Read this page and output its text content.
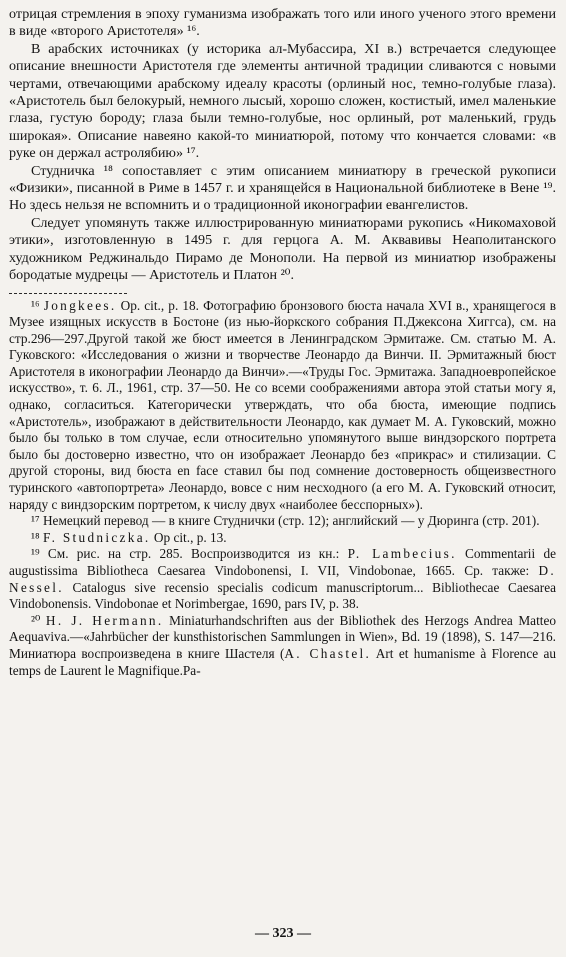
отрицая стремления в эпоху гуманизма изображать того или иного ученого этого времени в виде «второго Аристотеля» ¹⁶.

В арабских источниках (у историка ал-Мубассира, XI в.) встречается следующее описание внешности Аристотеля где элементы античной традиции сливаются с новыми чертами, отвечающими арабскому идеалу красоты (орлиный нос, темно-голубые глаза). «Аристотель был белокурый, немного лысый, хорошо сложен, костистый, имел маленькие глаза, густую бороду; глаза были темно-голубые, нос орлиный, рот маленький, грудь широкая». Описание навеяно какой-то миниатюрой, потому что кончается словами: «в руке он держал астролябию» ¹⁷.

Студничка ¹⁸ сопоставляет с этим описанием миниатюру в греческой рукописи «Физики», писанной в Риме в 1457 г. и хранящейся в Национальной библиотеке в Вене ¹⁹. Но здесь нельзя не вспомнить и о традиционной иконографии евангелистов.

Следует упомянуть также иллюстрированную миниатюрами рукопись «Никомаховой этики», изготовленную в 1495 г. для герцога А. М. Аквавивы Неаполитанского художником Реджинальдо Пирамо де Монополи. На первой из миниатюр изображены бородатые мудрецы — Аристотель и Платон ²⁰.

¹⁶ Jongkees. Op. cit., р. 18. Фотографию бронзового бюста начала XVI в., хранящегося в Музее изящных искусств в Бостоне (из нью-йоркского собрания П.Джексона Хиггса), см. на стр.296—297.Другой такой же бюст имеется в Ленинградском Эрмитаже. См. статью М. А. Гуковского: «Исследования о жизни и творчестве Леонардо да Винчи. II. Эрмитажный бюст Аристотеля в иконографии Леонардо да Винчи».—«Труды Гос. Эрмитажа. Западноевропейское искусство», т. 6. Л., 1961, стр. 37—50. Не со всеми соображениями автора этой статьи могу я, однако, согласиться. Категорически утверждать, что оба бюста, имеющие подпись «Аристотель», изображают в действительности Леонардо, как думает М. А. Гуковский, можно было бы только в том случае, если относительно упомянутого выше виндзорского портрета было бы достоверно известно, что он изображает Леонардо без «прикрас» и стилизации. С другой стороны, вид бюста en face ставил бы под сомнение достоверность общеизвестного туринского «автопортрета» Леонардо, вовсе с ним несходного (а его М. А. Гуковский относит, наряду с виндзорским портретом, к числу двух «наиболее бесспорных»).

¹⁷ Немецкий перевод — в книге Студнички (стр. 12); английский — у Дюринга (стр. 201).

¹⁸ F. Studniczka. Op cit., р. 13.

¹⁹ См. рис. на стр. 285. Воспроизводится из кн.: P. Lambecius. Commentarii de augustissima Bibliotheca Caesarea Vindobonensi, I. VII, Vindobonae, 1665. Ср. также: D. Nessel. Catalogus sive recensio specialis codicum manuscriptorum... Bibliothecae Caesarea Vindobonensis. Vindobonae et Norimbergae, 1690, pars IV, p. 38.

²⁰ H. J. Hermann. Miniaturhandschriften aus der Bibliothek des Herzogs Andrea Matteo Aequaviva.—«Jahrbücher der kunsthistorischen Sammlungen in Wien», Bd. 19 (1898), S. 147—216. Миниатюра воспроизведена в книге Шастеля (A. Chastel. Art et humanisme à Florence au temps de Laurent le Magnifique.Pa-

— 323 —
